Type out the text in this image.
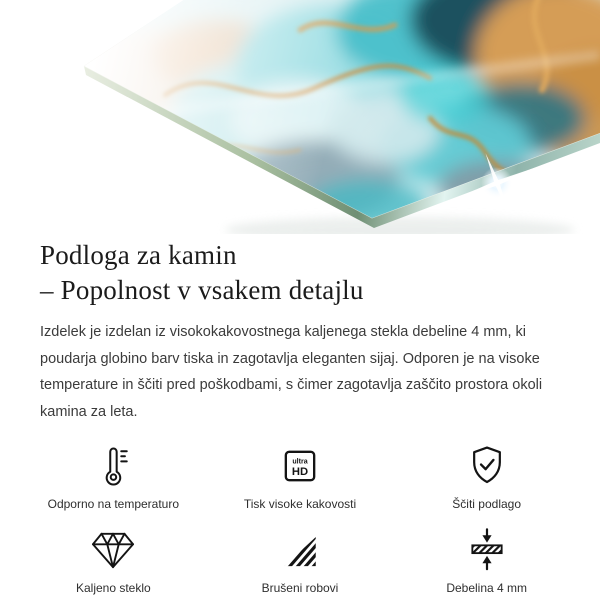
Podloga za kamin
– Popolnost v vsakem detajlu

Izdelek je izdelan iz visokokakovostnega kaljenega stekla debeline 4 mm, ki poudarja globino barv tiska in zagotavlja eleganten sijaj. Odporen je na visoke temperature in ščiti pred poškodbami, s čimer zagotavlja zaščito prostora okoli kamina za leta.

Odporno na temperaturo
ultra
HD
Tisk visoke kakovosti	Ščiti podlago
Kaljeno steklo	Brušeni robovi	Debelina 4 mm
